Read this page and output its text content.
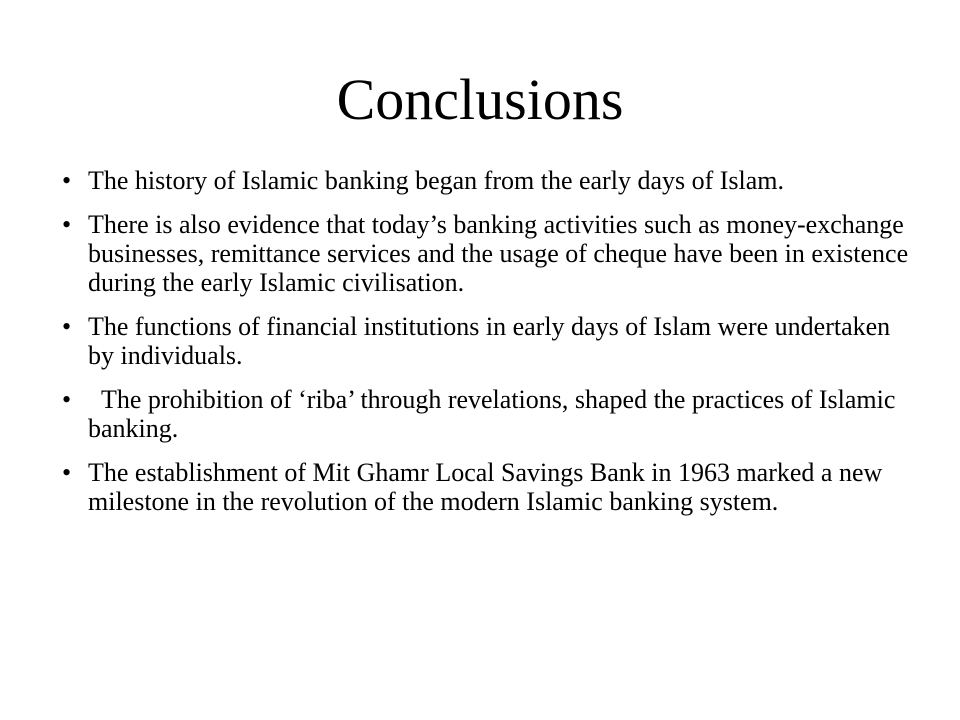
Conclusions
• The history of Islamic banking began from the early days of Islam.
• There is also evidence that today’s banking activities such as money-exchange businesses, remittance services and the usage of cheque have been in existence during the early Islamic civilisation.
• The functions of financial institutions in early days of Islam were undertaken by individuals.
• The prohibition of ‘riba’ through revelations, shaped the practices of Islamic banking.
• The establishment of Mit Ghamr Local Savings Bank in 1963 marked a new milestone in the revolution of the modern Islamic banking system.
